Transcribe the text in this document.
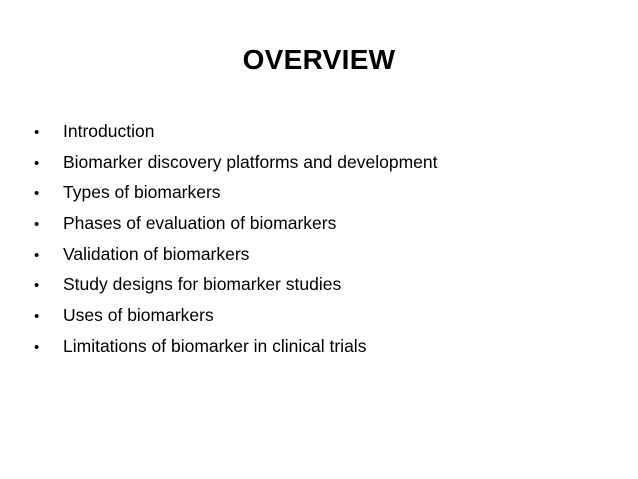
OVERVIEW
•	Introduction
•	Biomarker discovery platforms and development
•	Types of biomarkers
•	Phases of evaluation of biomarkers
•	Validation of biomarkers
•	Study designs for biomarker studies
•	Uses of biomarkers
•	Limitations of biomarker in clinical trials
